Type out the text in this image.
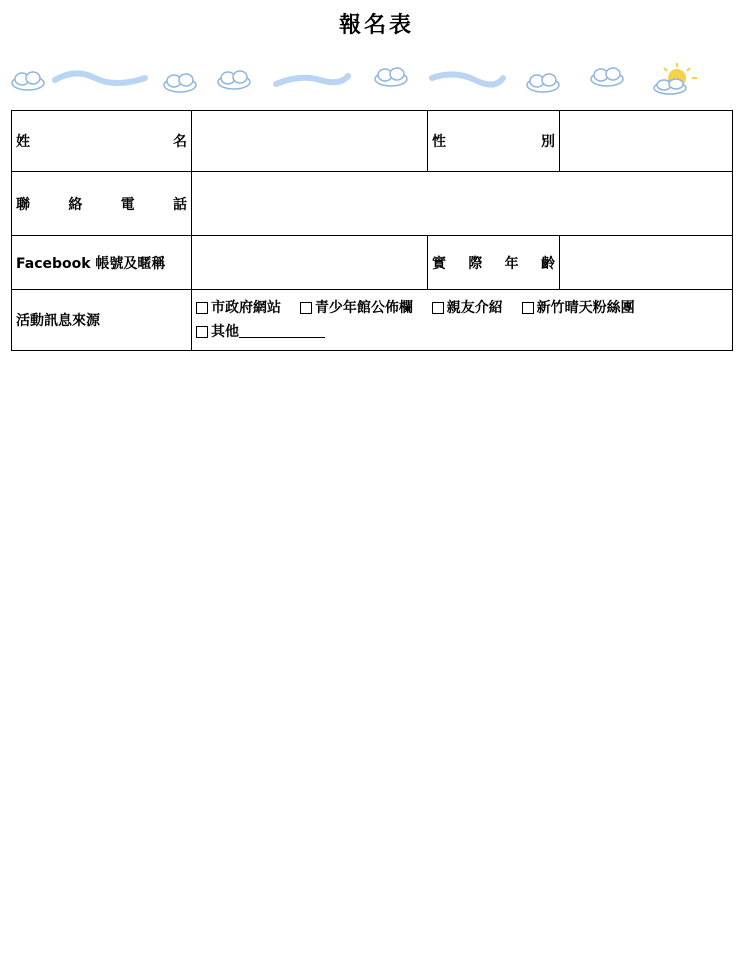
報名表
姓 名		性 別	

聯 絡 電 話			

Facebook 帳號及暱稱		實 際 年 齡	

活動訊息來源	市政府網站 青少年館公佈欄 親友介紹 新竹晴天粉絲團
其他		
